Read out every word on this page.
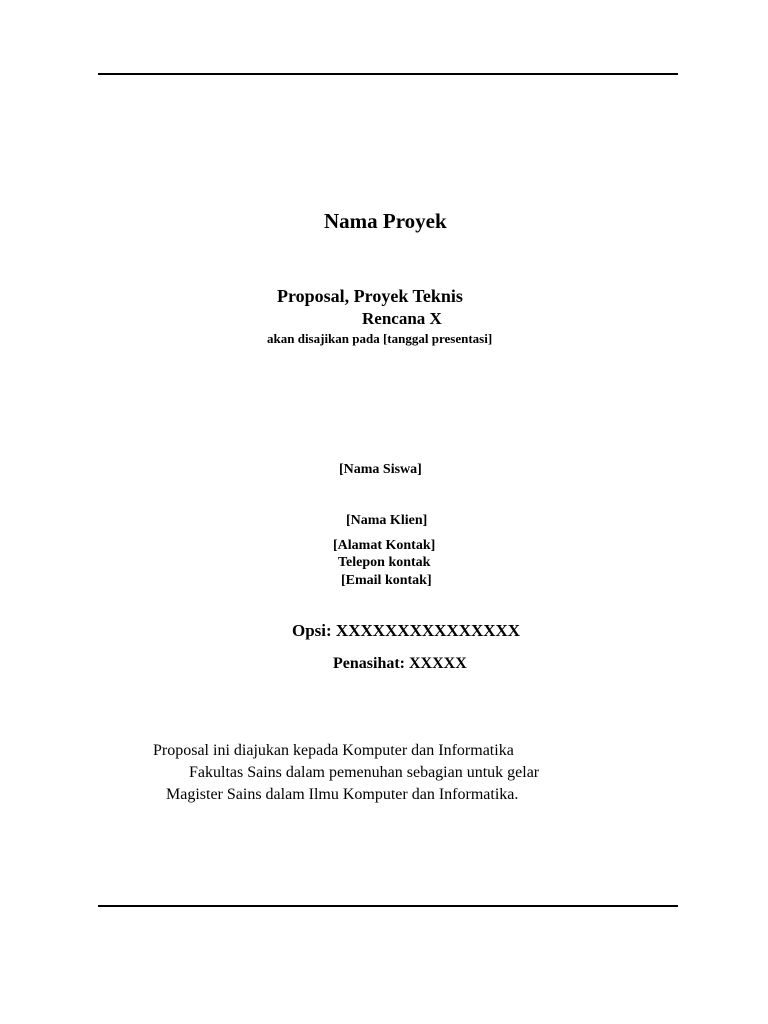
Nama Proyek
Proposal, Proyek Teknis
Rencana X
akan disajikan pada [tanggal presentasi]
[Nama Siswa]
[Nama Klien]
[Alamat Kontak]
Telepon kontak
[Email kontak]
Opsi: XXXXXXXXXXXXXXX
Penasihat: XXXXX
Proposal ini diajukan kepada Komputer dan Informatika
Fakultas Sains dalam pemenuhan sebagian untuk gelar
Magister Sains dalam Ilmu Komputer dan Informatika.
